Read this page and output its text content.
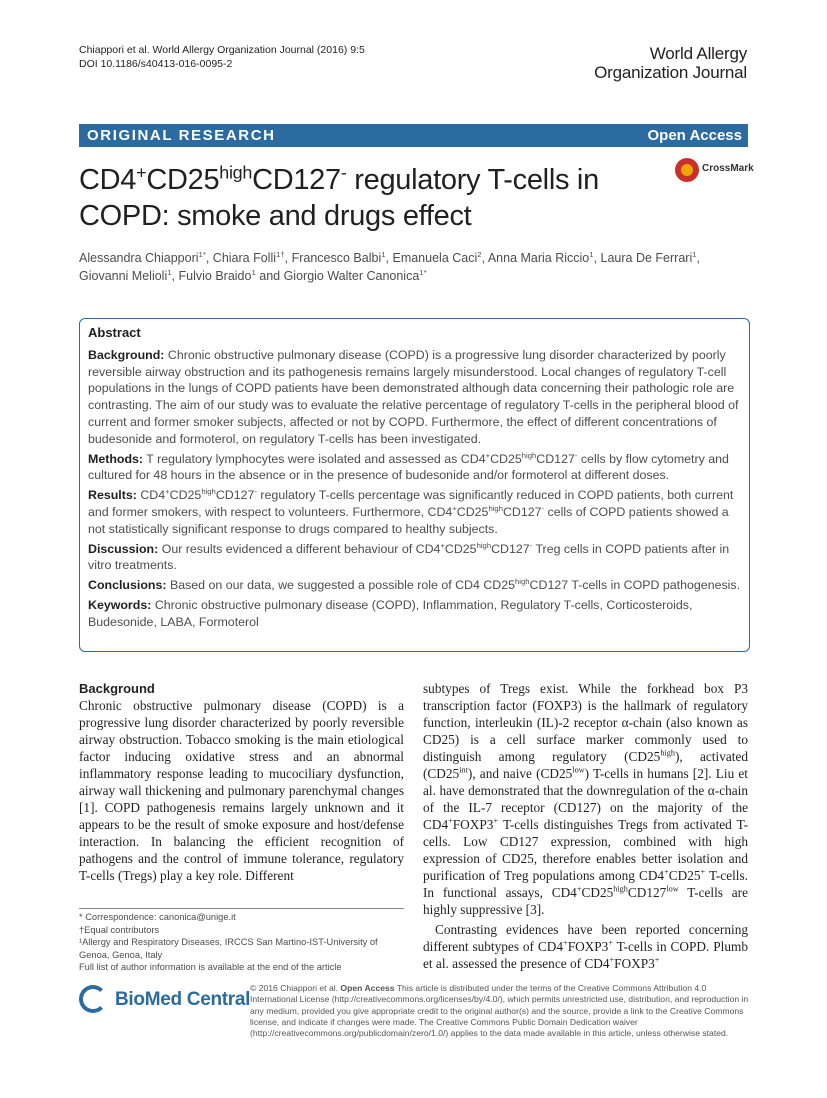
Chiappori et al. World Allergy Organization Journal (2016) 9:5
DOI 10.1186/s40413-016-0095-2
World Allergy
Organization Journal
ORIGINAL RESEARCH	Open Access
$CD4^+CD25^{high}CD127^-$ regulatory T-cells in COPD: smoke and drugs effect
CrossMark
Alessandra Chiappori$^{1*}$, Chiara Folli$^{1\dagger}$, Francesco Balbi$^1$, Emanuela Caci$^2$, Anna Maria Riccio$^1$, Laura De Ferrari$^1$, Giovanni Melioli$^1$, Fulvio Braido$^1$ and Giorgio Walter Canonica$^{1*}$
Abstract

Background: Chronic obstructive pulmonary disease (COPD) is a progressive lung disorder characterized by poorly reversible airway obstruction and its pathogenesis remains largely misunderstood. Local changes of regulatory T-cell populations in the lungs of COPD patients have been demonstrated although data concerning their pathologic role are contrasting. The aim of our study was to evaluate the relative percentage of regulatory T-cells in the peripheral blood of current and former smoker subjects, affected or not by COPD. Furthermore, the effect of different concentrations of budesonide and formoterol, on regulatory T-cells has been investigated.

Methods: T regulatory lymphocytes were isolated and assessed as $CD4^+CD25^{high}CD127^-$ cells by flow cytometry and cultured for 48 hours in the absence or in the presence of budesonide and/or formoterol at different doses.

Results: $CD4^+CD25^{high}CD127^-$ regulatory T-cells percentage was significantly reduced in COPD patients, both current and former smokers, with respect to volunteers. Furthermore, $CD4^+CD25^{high}CD127^-$ cells of COPD patients showed a not statistically significant response to drugs compared to healthy subjects.

Discussion: Our results evidenced a different behaviour of $CD4^+CD25^{high}CD127^-$ Treg cells in COPD patients after in vitro treatments.

Conclusions: Based on our data, we suggested a possible role of CD4 $CD25^{high}CD127$ T-cells in COPD pathogenesis.

Keywords: Chronic obstructive pulmonary disease (COPD), Inflammation, Regulatory T-cells, Corticosteroids, Budesonide, LABA, Formoterol

Background

Chronic obstructive pulmonary disease (COPD) is a progressive lung disorder characterized by poorly reversible airway obstruction. Tobacco smoking is the main etiological factor inducing oxidative stress and an abnormal inflammatory response leading to mucociliary dysfunction, airway wall thickening and pulmonary parenchymal changes [1]. COPD pathogenesis remains largely unknown and it appears to be the result of smoke exposure and host/defense interaction. In balancing the efficient recognition of pathogens and the control of immune tolerance, regulatory T-cells (Tregs) play a key role. Different

subtypes of Tregs exist. While the forkhead box P3 transcription factor (FOXP3) is the hallmark of regulatory function, interleukin (IL)-2 receptor α-chain (also known as CD25) is a cell surface marker commonly used to distinguish among regulatory $(CD25^{high})$, activated $(CD25^{int})$, and naive $(CD25^{low})$ T-cells in humans [2]. Liu et al. have demonstrated that the downregulation of the α-chain of the IL-7 receptor (CD127) on the majority of the CD4+FOXP3+ T-cells distinguishes Tregs from activated T-cells. Low CD127 expression, combined with high expression of CD25, therefore enables better isolation and purification of Treg populations among CD4+CD25+ T-cells. In functional assays, $CD4^+CD25^{high}CD127^{low}$ T-cells are highly suppressive [3].

Contrasting evidences have been reported concerning different subtypes of CD4+FOXP3+ T-cells in COPD. Plumb et al. assessed the presence of CD4+FOXP3+

* Correspondence: canonica@unige.it
†Equal contributors
¹Allergy and Respiratory Diseases, IRCCS San Martino-IST-University of Genoa, Genoa, Italy
Full list of author information is available at the end of the article
BioMed Central
© 2016 Chiappori et al. Open Access This article is distributed under the terms of the Creative Commons Attribution 4.0 International License (http://creativecommons.org/licenses/by/4.0/), which permits unrestricted use, distribution, and reproduction in any medium, provided you give appropriate credit to the original author(s) and the source, provide a link to the Creative Commons license, and indicate if changes were made. The Creative Commons Public Domain Dedication waiver (http://creativecommons.org/publicdomain/zero/1.0/) applies to the data made available in this article, unless otherwise stated.
